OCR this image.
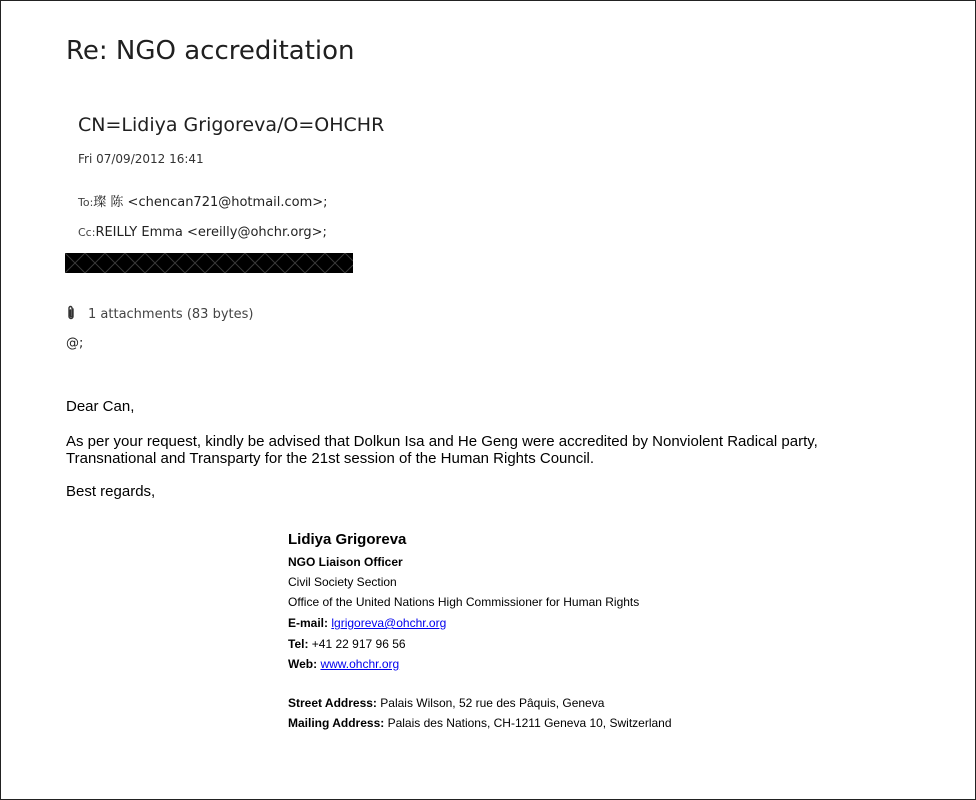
Re: NGO accreditation
CN=Lidiya Grigoreva/O=OHCHR
Fri 07/09/2012 16:41
To:璨 陈 <chencan721@hotmail.com>;
Cc:REILLY Emma <ereilly@ohchr.org>;
1 attachments (83 bytes)
@;
Dear Can,
As per your request, kindly be advised that Dolkun Isa and He Geng were accredited by Nonviolent Radical party,
Transnational and Transparty for the 21st session of the Human Rights Council.
Best regards,
Lidiya Grigoreva
NGO Liaison Officer
Civil Society Section
Office of the United Nations High Commissioner for Human Rights
E-mail: lgrigoreva@ohchr.org
Tel: +41 22 917 96 56
Web: www.ohchr.org
Street Address: Palais Wilson, 52 rue des Pâquis, Geneva
Mailing Address: Palais des Nations, CH-1211 Geneva 10, Switzerland
